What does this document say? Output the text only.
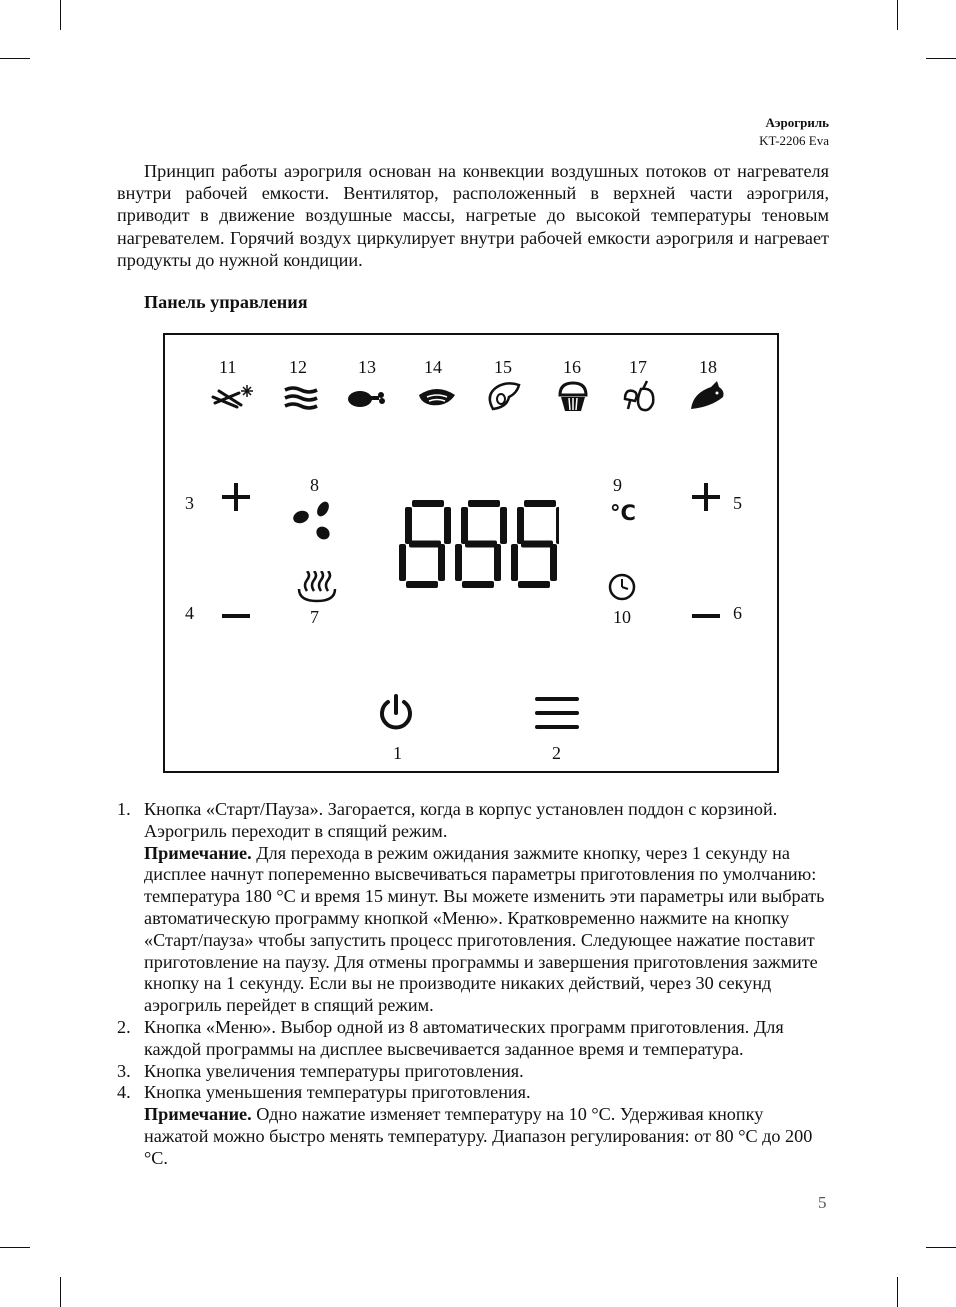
Аэрогриль
KT-2206 Eva

Принцип работы аэрогриля основан на конвекции воздушных потоков от нагревателя внутри рабочей емкости. Вентилятор, расположенный в верхней части аэрогриля, приводит в движение воздушные массы, нагретые до высокой температуры теновым нагревателем. Горячий воздух циркулирует внутри рабочей емкости аэрогриля и нагревает продукты до нужной кондиции.

Панель управления

11	12	13	14	15	16	17	18
3
4
5
6
8
7
9
10
1	2
°C
1. Кнопка «Старт/Пауза». Загорается, когда в корпус установлен поддон с корзиной. Аэрогриль переходит в спящий режим.

Примечание. Для перехода в режим ожидания зажмите кнопку, через 1 секунду на дисплее начнут попеременно высвечиваться параметры приготовления по умолчанию: температура 180 °С и время 15 минут. Вы можете изменить эти параметры или выбрать автоматическую программу кнопкой «Меню». Кратковременно нажмите на кнопку «Старт/пауза» чтобы запустить процесс приготовления. Следующее нажатие поставит приготовление на паузу. Для отмены программы и завершения приготовления зажмите кнопку на 1 секунду. Если вы не производите никаких действий, через 30 секунд аэрогриль перейдет в спящий режим.

2. Кнопка «Меню». Выбор одной из 8 автоматических программ приготовления. Для каждой программы на дисплее высвечивается заданное время и температура.

3. Кнопка увеличения температуры приготовления.

4. Кнопка уменьшения температуры приготовления.

Примечание. Одно нажатие изменяет температуру на 10 °С. Удерживая кнопку нажатой можно быстро менять температуру. Диапазон регулирования: от 80 °С до 200 °С.

5
